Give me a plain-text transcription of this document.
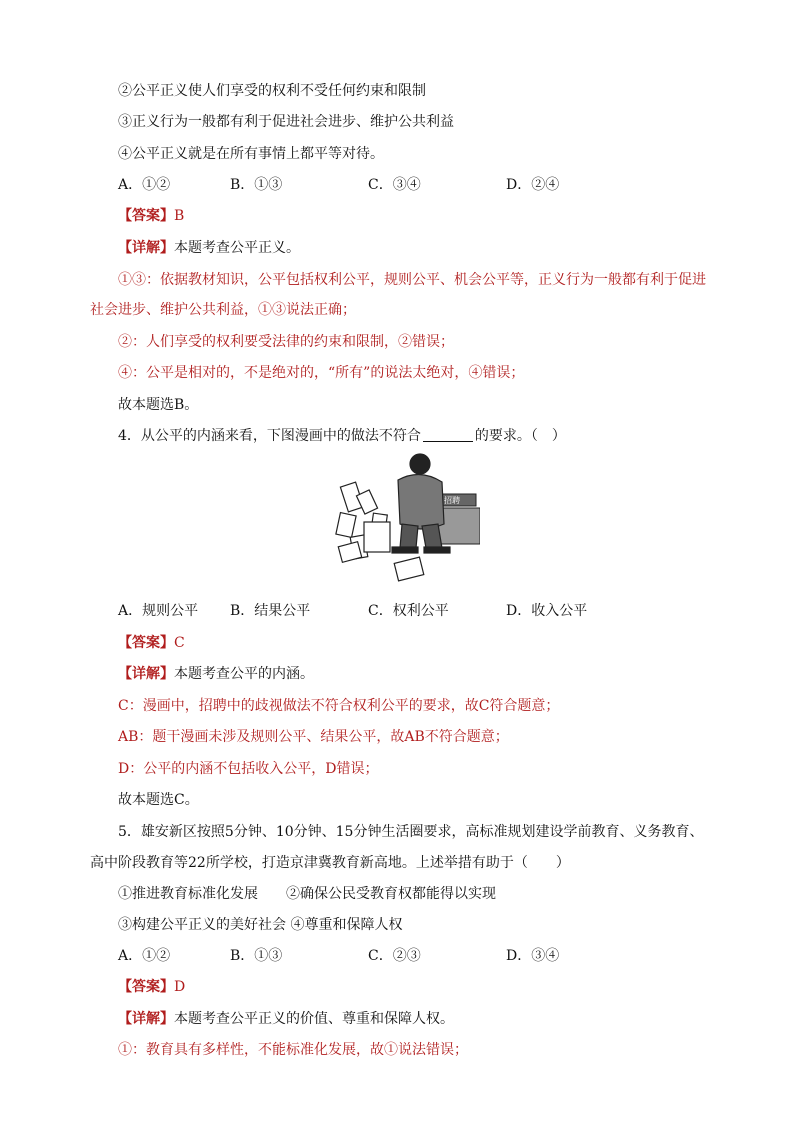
②公平正义使人们享受的权利不受任何约束和限制
③正义行为一般都有利于促进社会进步、维护公共利益
④公平正义就是在所有事情上都平等对待。
A．①②	B．①③	C．③④	D．②④
【答案】B
【详解】本题考查公平正义。
①③：依据教材知识，公平包括权利公平，规则公平、机会公平等，正义行为一般都有利于促进
社会进步、维护公共利益，①③说法正确；
②：人们享受的权利要受法律的约束和限制，②错误；
④：公平是相对的，不是绝对的，“所有”的说法太绝对，④错误；
故本题选B。
4．从公平的内涵来看，下图漫画中的做法不符合	的要求。（　）
招聘
A．规则公平 B．结果公平	C．权利公平	D．收入公平
【答案】C
【详解】本题考查公平的内涵。
C：漫画中，招聘中的歧视做法不符合权利公平的要求，故C符合题意；
AB：题干漫画未涉及规则公平、结果公平，故AB不符合题意；
D：公平的内涵不包括收入公平，D错误；
故本题选C。
5．雄安新区按照5分钟、10分钟、15分钟生活圈要求，高标准规划建设学前教育、义务教育、
高中阶段教育等22所学校，打造京津冀教育新高地。上述举措有助于（　　）
①推进教育标准化发展　　②确保公民受教育权都能得以实现
③构建公平正义的美好社会 ④尊重和保障人权
A．①②	B．①③	C．②③	D．③④
【答案】D
【详解】本题考查公平正义的价值、尊重和保障人权。
①：教育具有多样性，不能标准化发展，故①说法错误；
